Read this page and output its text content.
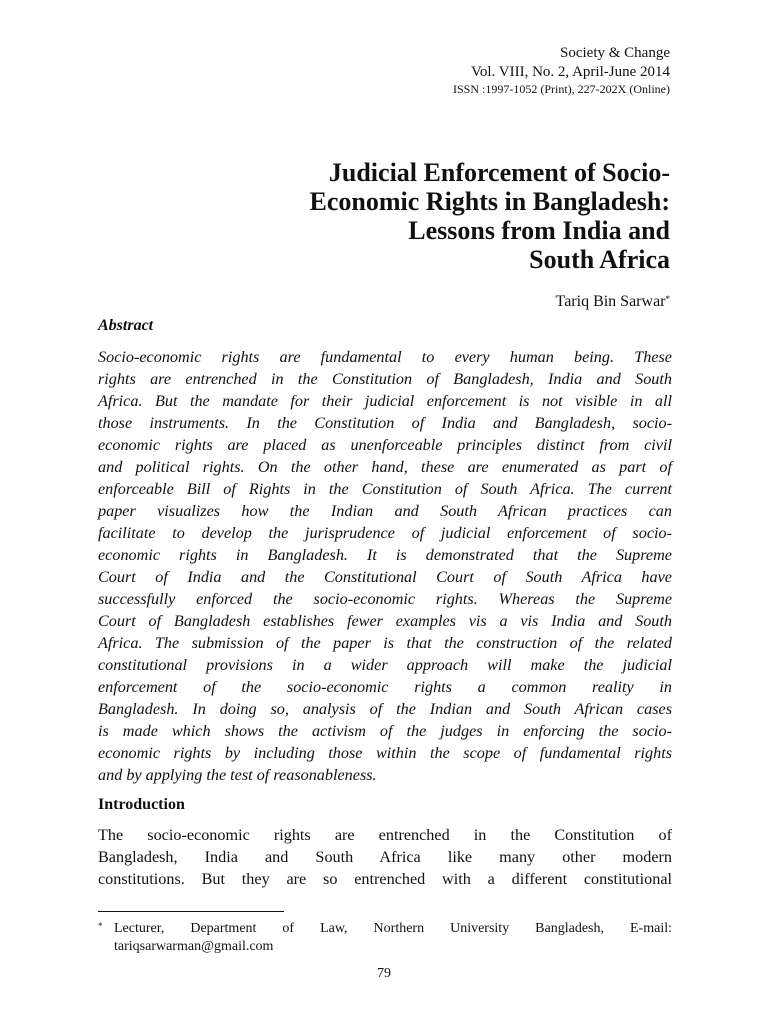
Society & Change
Vol. VIII, No. 2, April-June 2014
ISSN :1997-1052 (Print), 227-202X (Online)
Judicial Enforcement of Socio-
Economic Rights in Bangladesh:
Lessons from India and
South Africa
Tariq Bin Sarwar*
Abstract
Socio-economic rights are fundamental to every human being. These
rights are entrenched in the Constitution of Bangladesh, India and South
Africa. But the mandate for their judicial enforcement is not visible in all
those instruments. In the Constitution of India and Bangladesh, socio-
economic rights are placed as unenforceable principles distinct from civil
and political rights. On the other hand, these are enumerated as part of
enforceable Bill of Rights in the Constitution of South Africa. The current
paper visualizes how the Indian and South African practices can
facilitate to develop the jurisprudence of judicial enforcement of socio-
economic rights in Bangladesh. It is demonstrated that the Supreme
Court of India and the Constitutional Court of South Africa have
successfully enforced the socio-economic rights. Whereas the Supreme
Court of Bangladesh establishes fewer examples vis a vis India and South
Africa. The submission of the paper is that the construction of the related
constitutional provisions in a wider approach will make the judicial
enforcement of the socio-economic rights a common reality in
Bangladesh. In doing so, analysis of the Indian and South African cases
is made which shows the activism of the judges in enforcing the socio-
economic rights by including those within the scope of fundamental rights
and by applying the test of reasonableness.
Introduction
The socio-economic rights are entrenched in the Constitution of
Bangladesh, India and South Africa like many other modern
constitutions. But they are so entrenched with a different constitutional
* Lecturer, Department of Law, Northern University Bangladesh, E-mail:
tariqsarwarman@gmail.com
79
